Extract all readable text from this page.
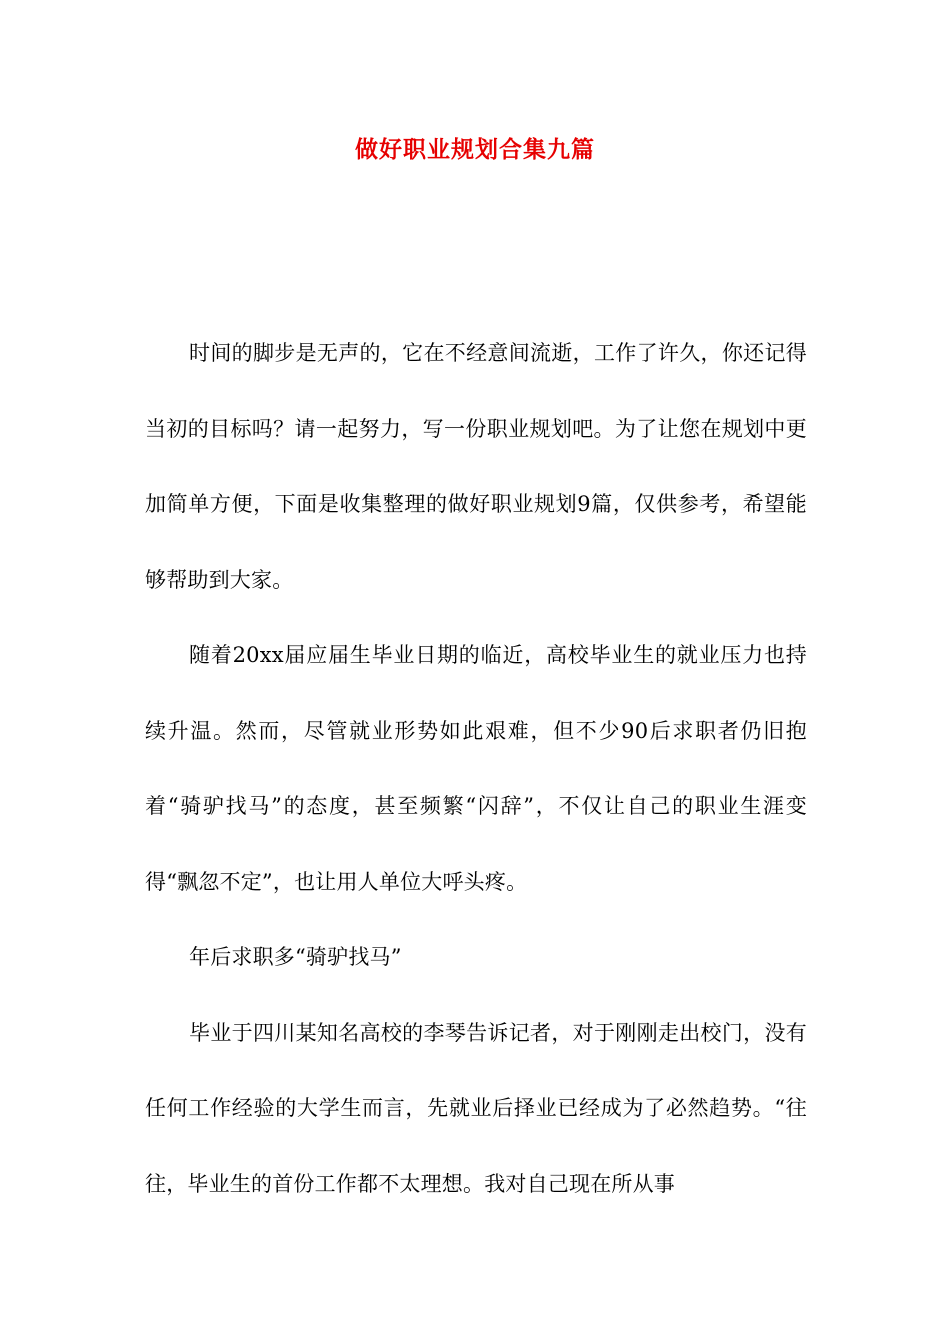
做好职业规划合集九篇

时间的脚步是无声的，它在不经意间流逝，工作了许久，你还记得当初的目标吗？请一起努力，写一份职业规划吧。为了让您在规划中更加简单方便，下面是收集整理的做好职业规划9篇，仅供参考，希望能够帮助到大家。

随着20xx届应届生毕业日期的临近，高校毕业生的就业压力也持续升温。然而，尽管就业形势如此艰难，但不少90后求职者仍旧抱着“骑驴找马”的态度，甚至频繁“闪辞”，不仅让自己的职业生涯变得“飘忽不定”，也让用人单位大呼头疼。

年后求职多“骑驴找马”

毕业于四川某知名高校的李琴告诉记者，对于刚刚走出校门，没有任何工作经验的大学生而言，先就业后择业已经成为了必然趋势。“往往，毕业生的首份工作都不太理想。我对自己现在所从事
